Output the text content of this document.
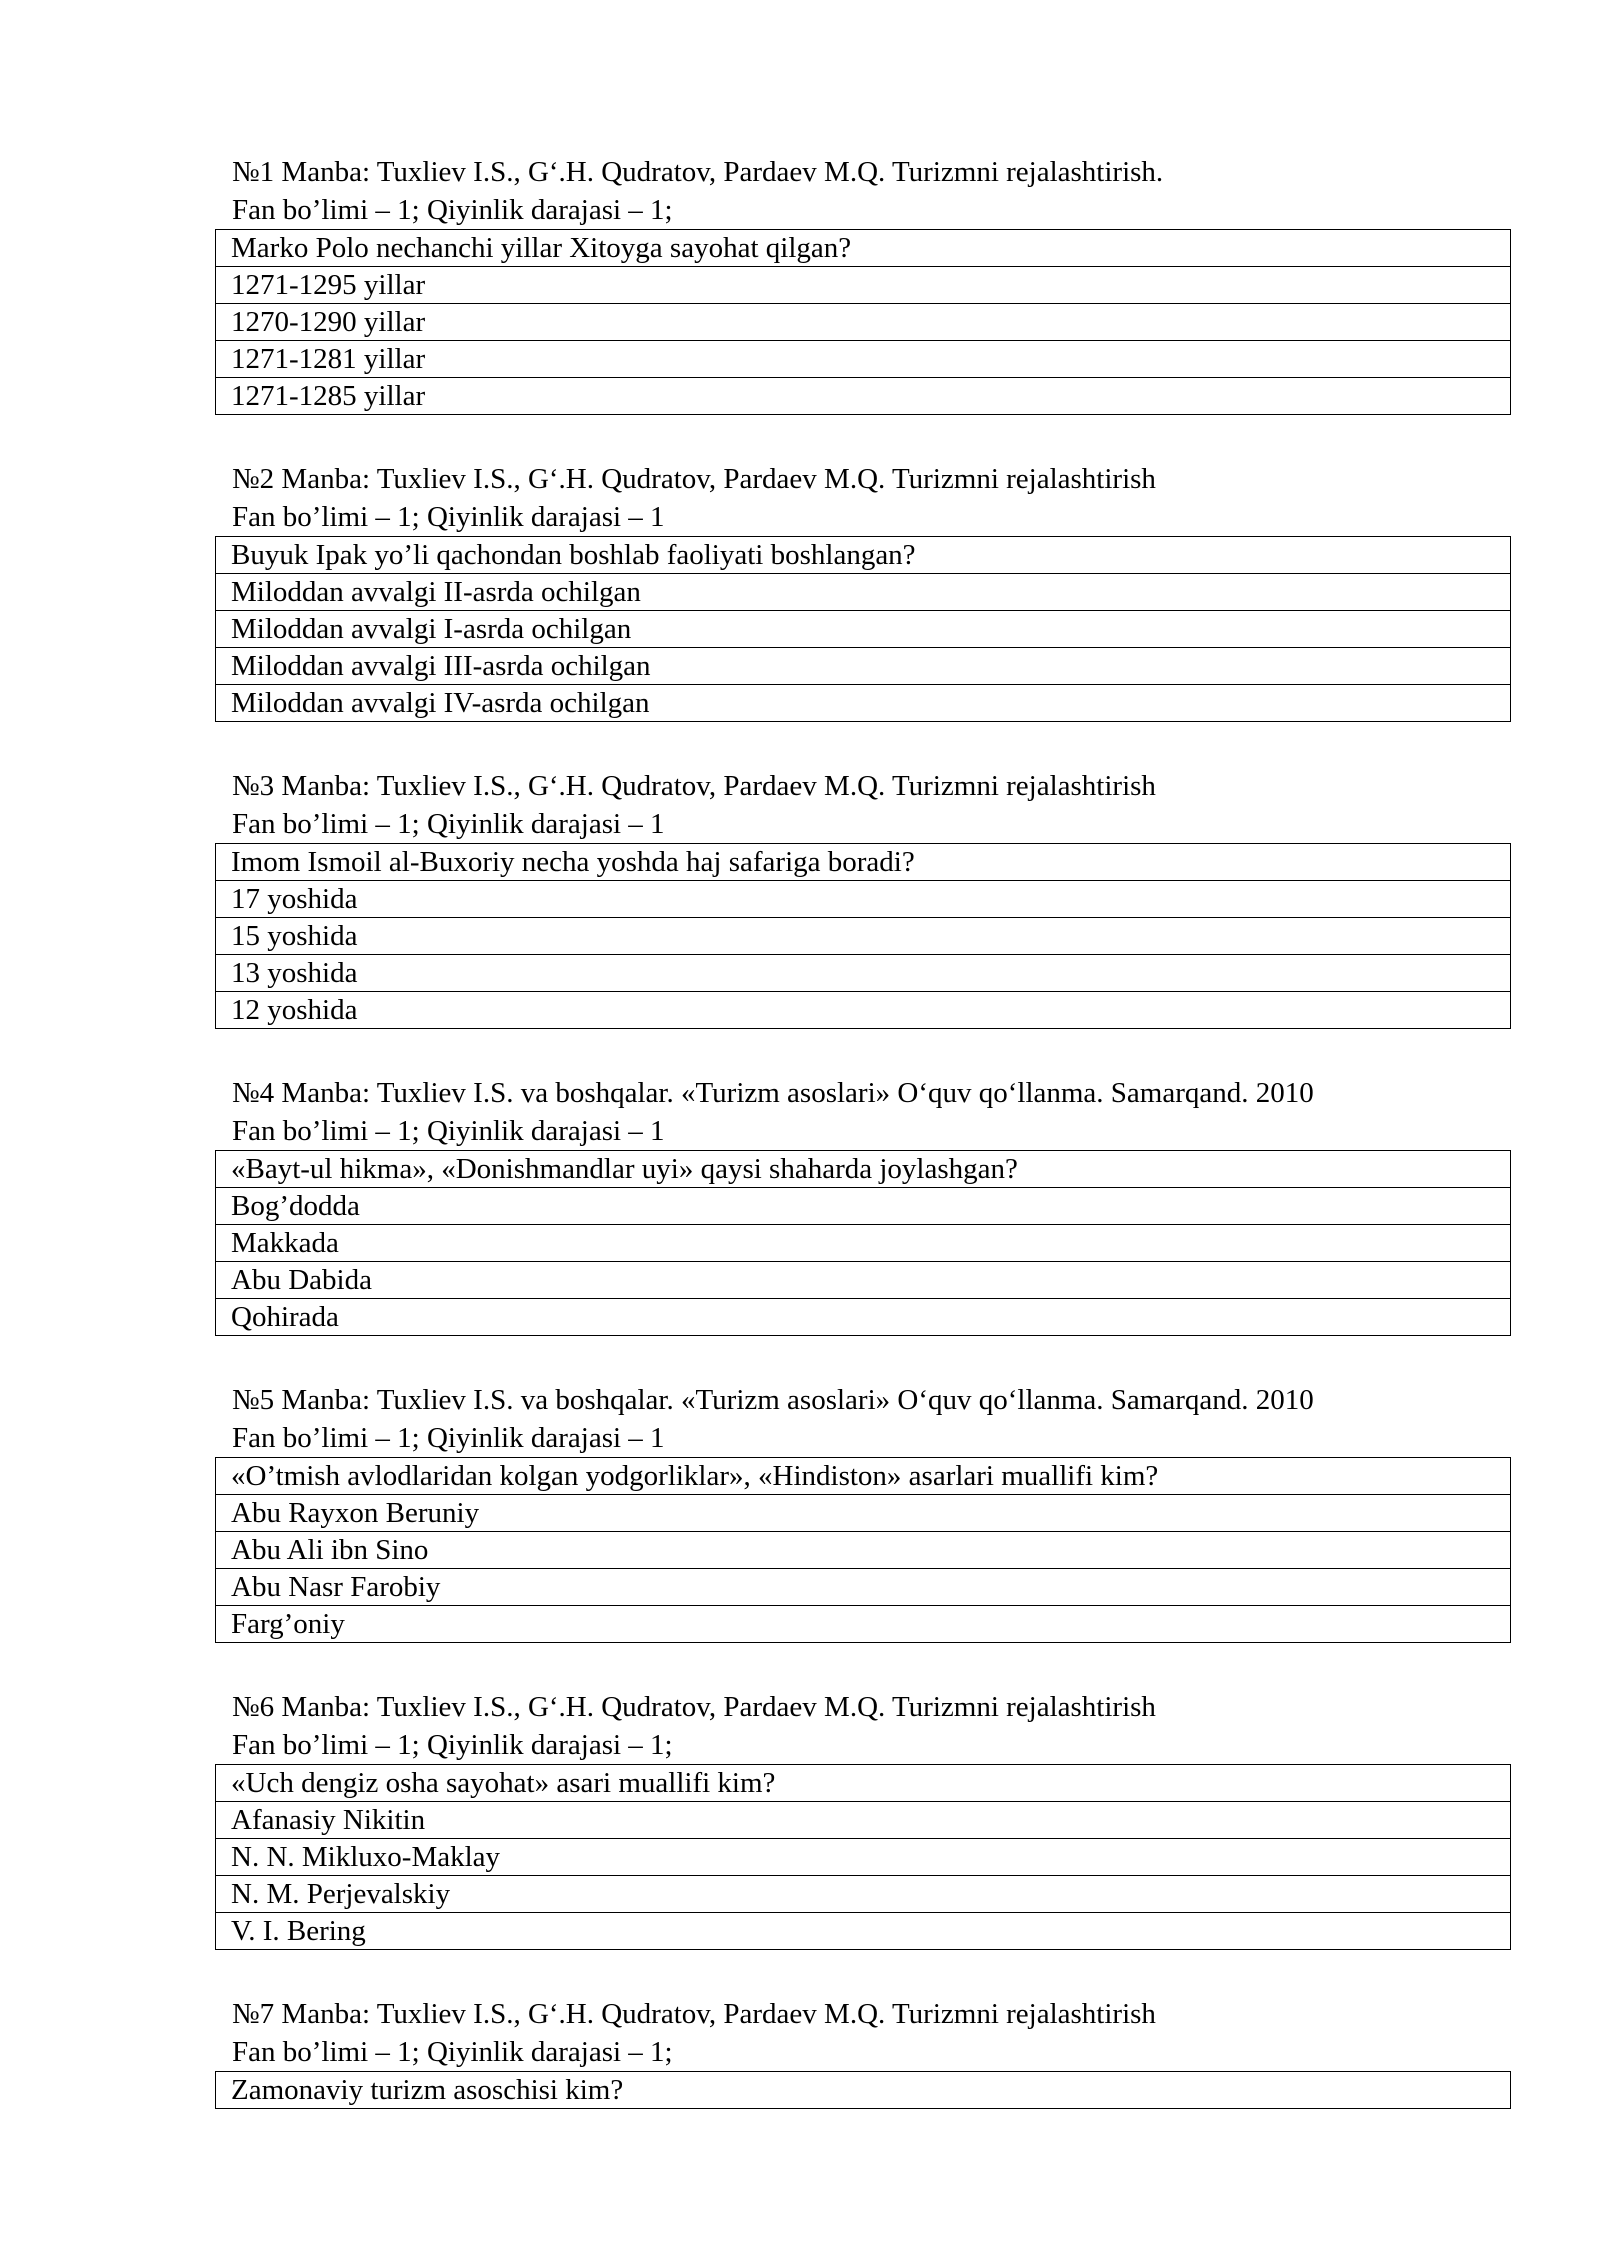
№1 Manba: Tuxliev I.S., G‘.H. Qudratov, Pardaev M.Q. Turizmni rejalashtirish.
Fan bo’limi – 1; Qiyinlik darajasi – 1;
Marko Polo nechanchi yillar Xitoyga sayohat qilgan?
1271-1295 yillar
1270-1290 yillar
1271-1281 yillar
1271-1285 yillar
№2 Manba: Tuxliev I.S., G‘.H. Qudratov, Pardaev M.Q. Turizmni rejalashtirish
Fan bo’limi – 1; Qiyinlik darajasi – 1
Buyuk Ipak yo’li qachondan boshlab faoliyati boshlangan?
Miloddan avvalgi II-asrda ochilgan
Miloddan avvalgi I-asrda ochilgan
Miloddan avvalgi III-asrda ochilgan
Miloddan avvalgi IV-asrda ochilgan
№3 Manba: Tuxliev I.S., G‘.H. Qudratov, Pardaev M.Q. Turizmni rejalashtirish
Fan bo’limi – 1; Qiyinlik darajasi – 1
Imom Ismoil al-Buxoriy necha yoshda haj safariga boradi?
17 yoshida
15 yoshida
13 yoshida
12 yoshida
№4 Manba: Tuxliev I.S. va boshqalar. «Turizm asoslari» O‘quv qo‘llanma. Samarqand. 2010
Fan bo’limi – 1; Qiyinlik darajasi – 1
«Bayt-ul hikma», «Donishmandlar uyi» qaysi shaharda joylashgan?
Bog’dodda
Makkada
Abu Dabida
Qohirada
№5 Manba: Tuxliev I.S. va boshqalar. «Turizm asoslari» O‘quv qo‘llanma. Samarqand. 2010
Fan bo’limi – 1; Qiyinlik darajasi – 1
«O’tmish avlodlaridan kolgan yodgorliklar», «Hindiston» asarlari muallifi kim?
Abu Rayxon Beruniy
Abu Ali ibn Sino
Abu Nasr Farobiy
Farg’oniy
№6 Manba: Tuxliev I.S., G‘.H. Qudratov, Pardaev M.Q. Turizmni rejalashtirish
Fan bo’limi – 1; Qiyinlik darajasi – 1;
«Uch dengiz osha sayohat» asari muallifi kim?
Afanasiy Nikitin
N. N. Mikluxo-Maklay
N. M. Perjevalskiy
V. I. Bering
№7 Manba: Tuxliev I.S., G‘.H. Qudratov, Pardaev M.Q. Turizmni rejalashtirish
Fan bo’limi – 1; Qiyinlik darajasi – 1;
Zamonaviy turizm asoschisi kim?
